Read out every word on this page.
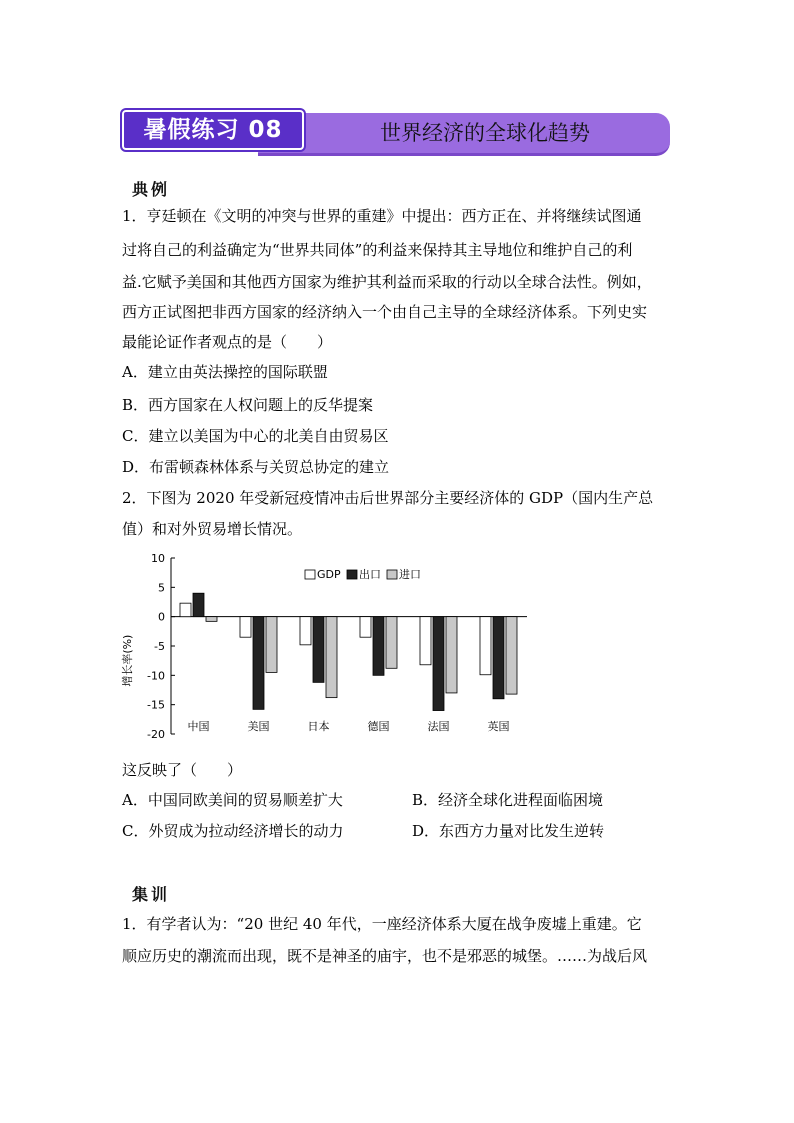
暑假练习 08	世界经济的全球化趋势
典例
1．亨廷顿在《文明的冲突与世界的重建》中提出：西方正在、并将继续试图通
过将自己的利益确定为“世界共同体”的利益来保持其主导地位和维护自己的利
益.它赋予美国和其他西方国家为维护其利益而采取的行动以全球合法性。例如，
西方正试图把非西方国家的经济纳入一个由自己主导的全球经济体系。下列史实
最能论证作者观点的是（　　）
A．建立由英法操控的国际联盟
B．西方国家在人权问题上的反华提案
C．建立以美国为中心的北美自由贸易区
D．布雷顿森林体系与关贸总协定的建立
2．下图为 2020 年受新冠疫情冲击后世界部分主要经济体的 GDP（国内生产总
值）和对外贸易增长情况。
10
5
0
-5
-10
-15
-20
增长率(%)
中国	美国	日本	德国	法国	英国
GDP 出口 进口
这反映了（　　）
A．中国同欧美间的贸易顺差扩大	B．经济全球化进程面临困境
C．外贸成为拉动经济增长的动力	D．东西方力量对比发生逆转
集训
1．有学者认为：“20 世纪 40 年代，一座经济体系大厦在战争废墟上重建。它
顺应历史的潮流而出现，既不是神圣的庙宇，也不是邪恶的城堡。……为战后风
